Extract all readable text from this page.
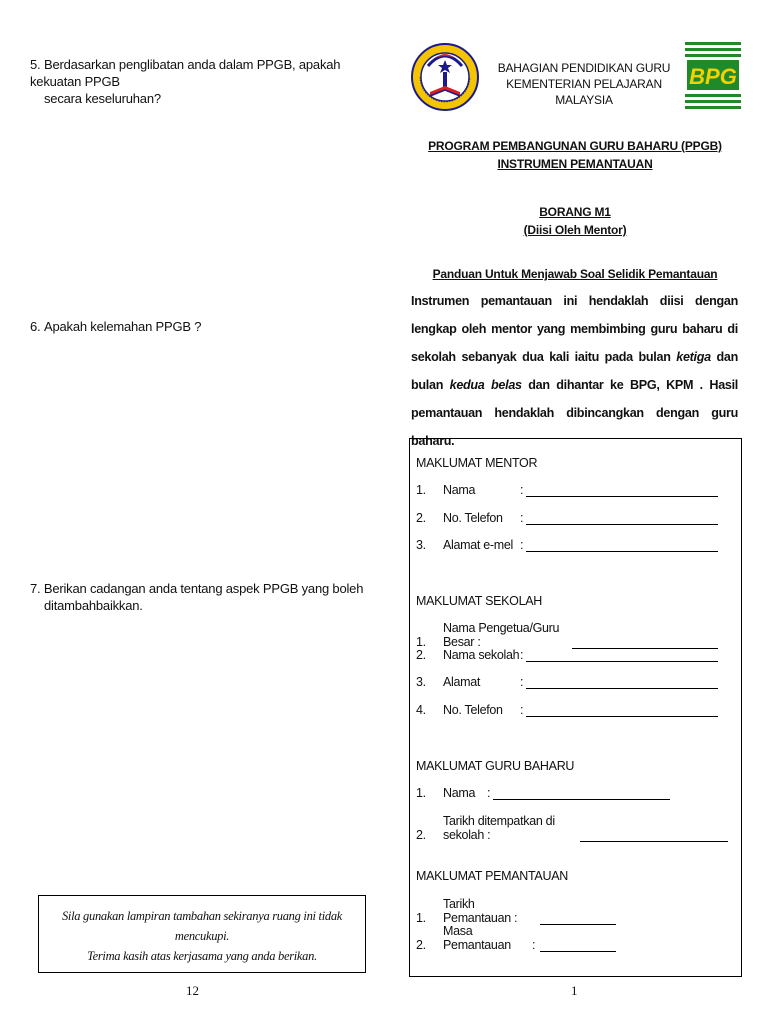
5. Berdasarkan penglibatan anda dalam PPGB, apakah kekuatan PPGB
secara keseluruhan?
6. Apakah kelemahan PPGB ?
7. Berikan cadangan anda tentang aspek PPGB yang boleh
ditambahbaikkan.
Sila gunakan lampiran tambahan sekiranya ruang ini tidak mencukupi.
Terima kasih atas kerjasama yang anda berikan.
12
BAHAGIAN PENDIDIKAN GURU
KEMENTERIAN PELAJARAN MALAYSIA
BPG
PROGRAM PEMBANGUNAN GURU BAHARU (PPGB)
INSTRUMEN PEMANTAUAN
BORANG M1
(Diisi Oleh Mentor)
Panduan Untuk Menjawab Soal Selidik Pemantauan
Instrumen pemantauan ini hendaklah diisi dengan lengkap oleh mentor yang membimbing guru baharu di sekolah sebanyak dua kali iaitu pada bulan ketiga dan bulan kedua belas dan dihantar ke BPG, KPM . Hasil pemantauan hendaklah dibincangkan dengan guru baharu.
MAKLUMAT MENTOR
1.	Nama	:
2.	No. Telefon	:
3.	Alamat e-mel :
MAKLUMAT SEKOLAH
1.
Nama Pengetua/Guru Besar :
2.	Nama sekolah :
3.	Alamat	:
4.	No. Telefon	:
MAKLUMAT GURU BAHARU
1.	Nama :
2.
Tarikh ditempatkan di sekolah :
MAKLUMAT PEMANTAUAN
1.
Tarikh Pemantauan :
2.
Masa Pemantauan	:
1
